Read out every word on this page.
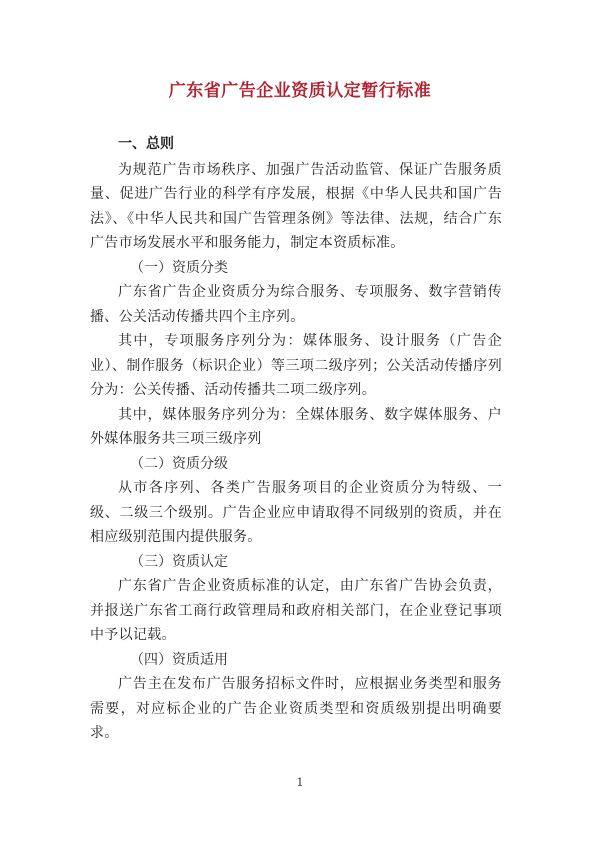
广东省广告企业资质认定暂行标准

一、总则

为规范广告市场秩序、加强广告活动监管、保证广告服务质量、促进广告行业的科学有序发展，根据《中华人民共和国广告法》、《中华人民共和国广告管理条例》等法律、法规，结合广东广告市场发展水平和服务能力，制定本资质标准。

（一）资质分类

广东省广告企业资质分为综合服务、专项服务、数字营销传播、公关活动传播共四个主序列。

其中，专项服务序列分为：媒体服务、设计服务（广告企业）、制作服务（标识企业）等三项二级序列；公关活动传播序列分为：公关传播、活动传播共二项二级序列。

其中，媒体服务序列分为：全媒体服务、数字媒体服务、户外媒体服务共三项三级序列

（二）资质分级

从市各序列、各类广告服务项目的企业资质分为特级、一级、二级三个级别。广告企业应申请取得不同级别的资质，并在相应级别范围内提供服务。

（三）资质认定

广东省广告企业资质标准的认定，由广东省广告协会负责，并报送广东省工商行政管理局和政府相关部门，在企业登记事项中予以记载。

（四）资质适用

广告主在发布广告服务招标文件时，应根据业务类型和服务需要，对应标企业的广告企业资质类型和资质级别提出明确要求。

1
